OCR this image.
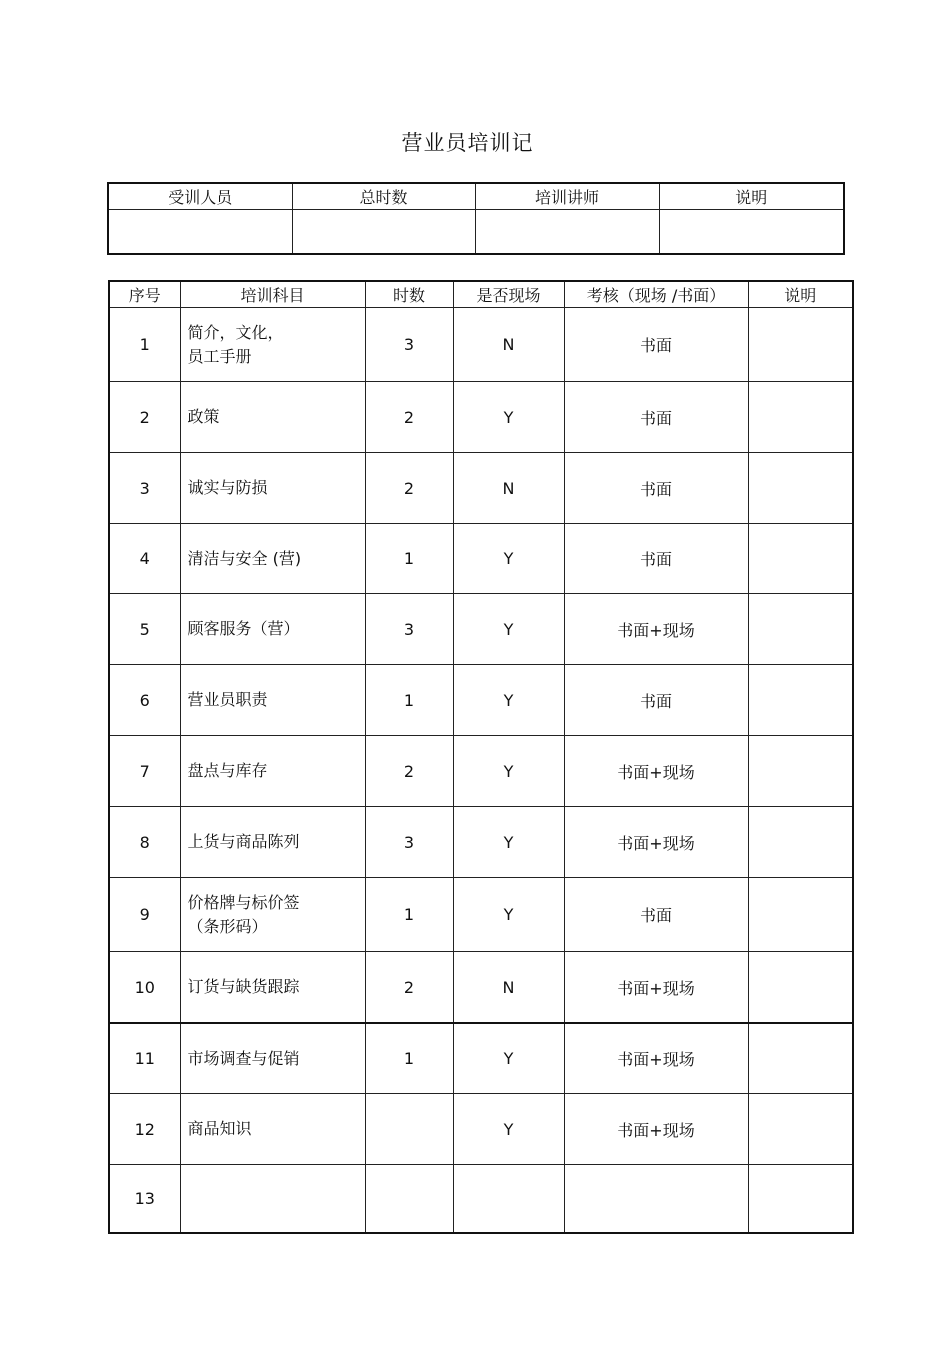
营业员培训记
受训人员	总时数	培训讲师	说明

序号	培训科目	时数	是否现场	考核（现场 /书面）	说明
1	简介，文化，
员工手册	3	N	书面	
2	政策	2	Y	书面	
3	诚实与防损	2	N	书面	
4	清洁与安全 (营)	1	Y	书面	
5	顾客服务（营）	3	Y	书面+现场	
6	营业员职责	1	Y	书面	
7	盘点与库存	2	Y	书面+现场	
8	上货与商品陈列	3	Y	书面+现场	
9	价格牌与标价签
（条形码）	1	Y	书面	
10	订货与缺货跟踪	2	N	书面+现场	
11	市场调查与促销	1	Y	书面+现场	
12	商品知识		Y	书面+现场	
13					
